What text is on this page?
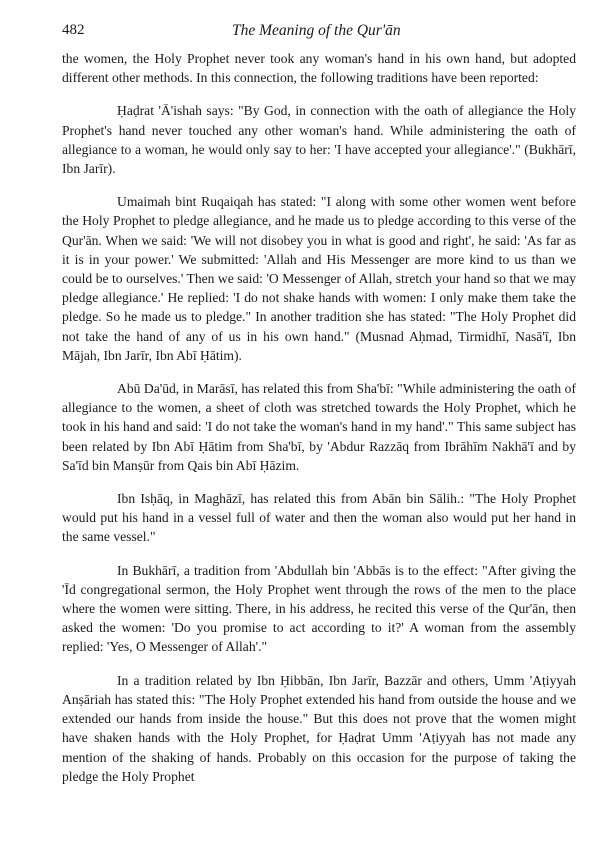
482	The Meaning of the Qur'ān

the women, the Holy Prophet never took any woman's hand in his own hand, but adopted different other methods. In this connection, the following traditions have been reported:

Ḥaḍrat 'Ā'ishah says: "By God, in connection with the oath of allegiance the Holy Prophet's hand never touched any other woman's hand. While administering the oath of allegiance to a woman, he would only say to her: 'I have accepted your allegiance'." (Bukhārī, Ibn Jarīr).

Umaimah bint Ruqaiqah has stated: "I along with some other women went before the Holy Prophet to pledge allegiance, and he made us to pledge according to this verse of the Qur'ān. When we said: 'We will not disobey you in what is good and right', he said: 'As far as it is in your power.' We submitted: 'Allah and His Messenger are more kind to us than we could be to ourselves.' Then we said: 'O Messenger of Allah, stretch your hand so that we may pledge allegiance.' He replied: 'I do not shake hands with women: I only make them take the pledge. So he made us to pledge." In another tradition she has stated: "The Holy Prophet did not take the hand of any of us in his own hand." (Musnad Aḥmad, Tirmidhī, Nasā'ī, Ibn Mājah, Ibn Jarīr, Ibn Abī Ḥātim).

Abū Da'ūd, in Marāsī, has related this from Sha'bī: "While administering the oath of allegiance to the women, a sheet of cloth was stretched towards the Holy Prophet, which he took in his hand and said: 'I do not take the woman's hand in my hand'." This same subject has been related by Ibn Abī Ḥātim from Sha'bī, by 'Abdur Razzāq from Ibrāhīm Nakhā'ī and by Sa'īd bin Manṣūr from Qais bin Abī Ḥāzim.

Ibn Isḥāq, in Maghāzī, has related this from Abān bin Sālih.: "The Holy Prophet would put his hand in a vessel full of water and then the woman also would put her hand in the same vessel."

In Bukhārī, a tradition from 'Abdullah bin 'Abbās is to the effect: "After giving the 'Īd congregational sermon, the Holy Prophet went through the rows of the men to the place where the women were sitting. There, in his address, he recited this verse of the Qur'ān, then asked the women: 'Do you promise to act according to it?' A woman from the assembly replied: 'Yes, O Messenger of Allah'."

In a tradition related by Ibn Ḥibbān, Ibn Jarīr, Bazzār and others, Umm 'Aṭiyyah Anṣāriah has stated this: "The Holy Prophet extended his hand from outside the house and we extended our hands from inside the house." But this does not prove that the women might have shaken hands with the Holy Prophet, for Ḥaḍrat Umm 'Aṭiyyah has not made any mention of the shaking of hands. Probably on this occasion for the purpose of taking the pledge the Holy Prophet
